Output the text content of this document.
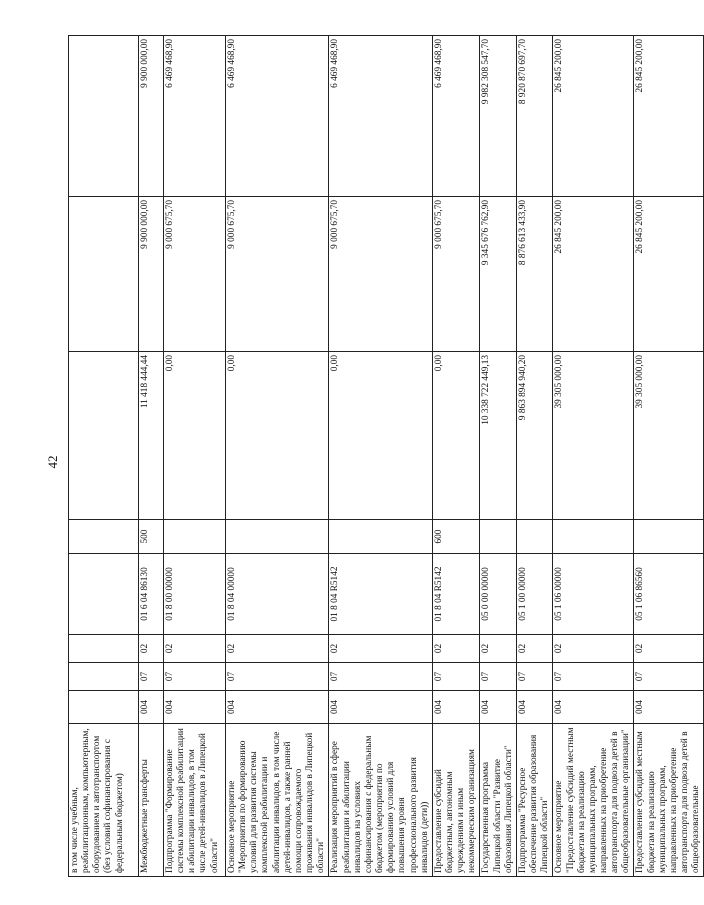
42
в том числе учебным, реабилитационным, компьютерным, оборудованием и автотранспортом (без условий софинансирования с федеральным бюджетом)								
Межбюджетные трансферты	004	07	02	01 6 04 86130	500	11 418 444,44	9 900 000,00	9 900 000,00
Подпрограмма "Формирование системы комплексной реабилитации и абилитации инвалидов, в том числе детей-инвалидов в Липецкой области"	004	07	02	01 8 00 00000		0,00	9 000 675,70	6 469 468,90
Основное мероприятие "Мероприятия по формированию условий для развития системы комплексной реабилитации и абилитации инвалидов, в том числе детей-инвалидов, а также ранней помощи сопровождаемого проживания инвалидов в Липецкой области"	004	07	02	01 8 04 00000		0,00	9 000 675,70	6 469 468,90
Реализация мероприятий в сфере реабилитации и абилитации инвалидов на условиях софинансирования с федеральным бюджетом (мероприятия по формированию условий для повышения уровня профессионального развития инвалидов (дети))	004	07	02	01 8 04 R5142		0,00	9 000 675,70	6 469 468,90
Предоставление субсидий бюджетным, автономным учреждениям и иным некоммерческим организациям	004	07	02	01 8 04 R5142	600	0,00	9 000 675,70	6 469 468,90
Государственная программа Липецкой области "Развитие образования Липецкой области"	004	07	02	05 0 00 00000		10 338 722 449,13	9 345 676 762,90	9 982 308 547,70
Подпрограмма "Ресурсное обеспечение развития образования Липецкой области"	004	07	02	05 1 00 00000		9 863 894 940,20	8 876 613 433,90	8 920 870 697,70
Основное мероприятие "Предоставление субсидий местным бюджетам на реализацию муниципальных программ, направленных на приобретение автотранспорта для подвоза детей в общеобразовательные организации"	004	07	02	05 1 06 00000		39 305 000,00	26 845 200,00	26 845 200,00
Предоставление субсидий местным бюджетам на реализацию муниципальных программ, направленных на приобретение автотранспорта для подвоза детей в общеобразовательные	004	07	02	05 1 06 86560		39 305 000,00	26 845 200,00	26 845 200,00
